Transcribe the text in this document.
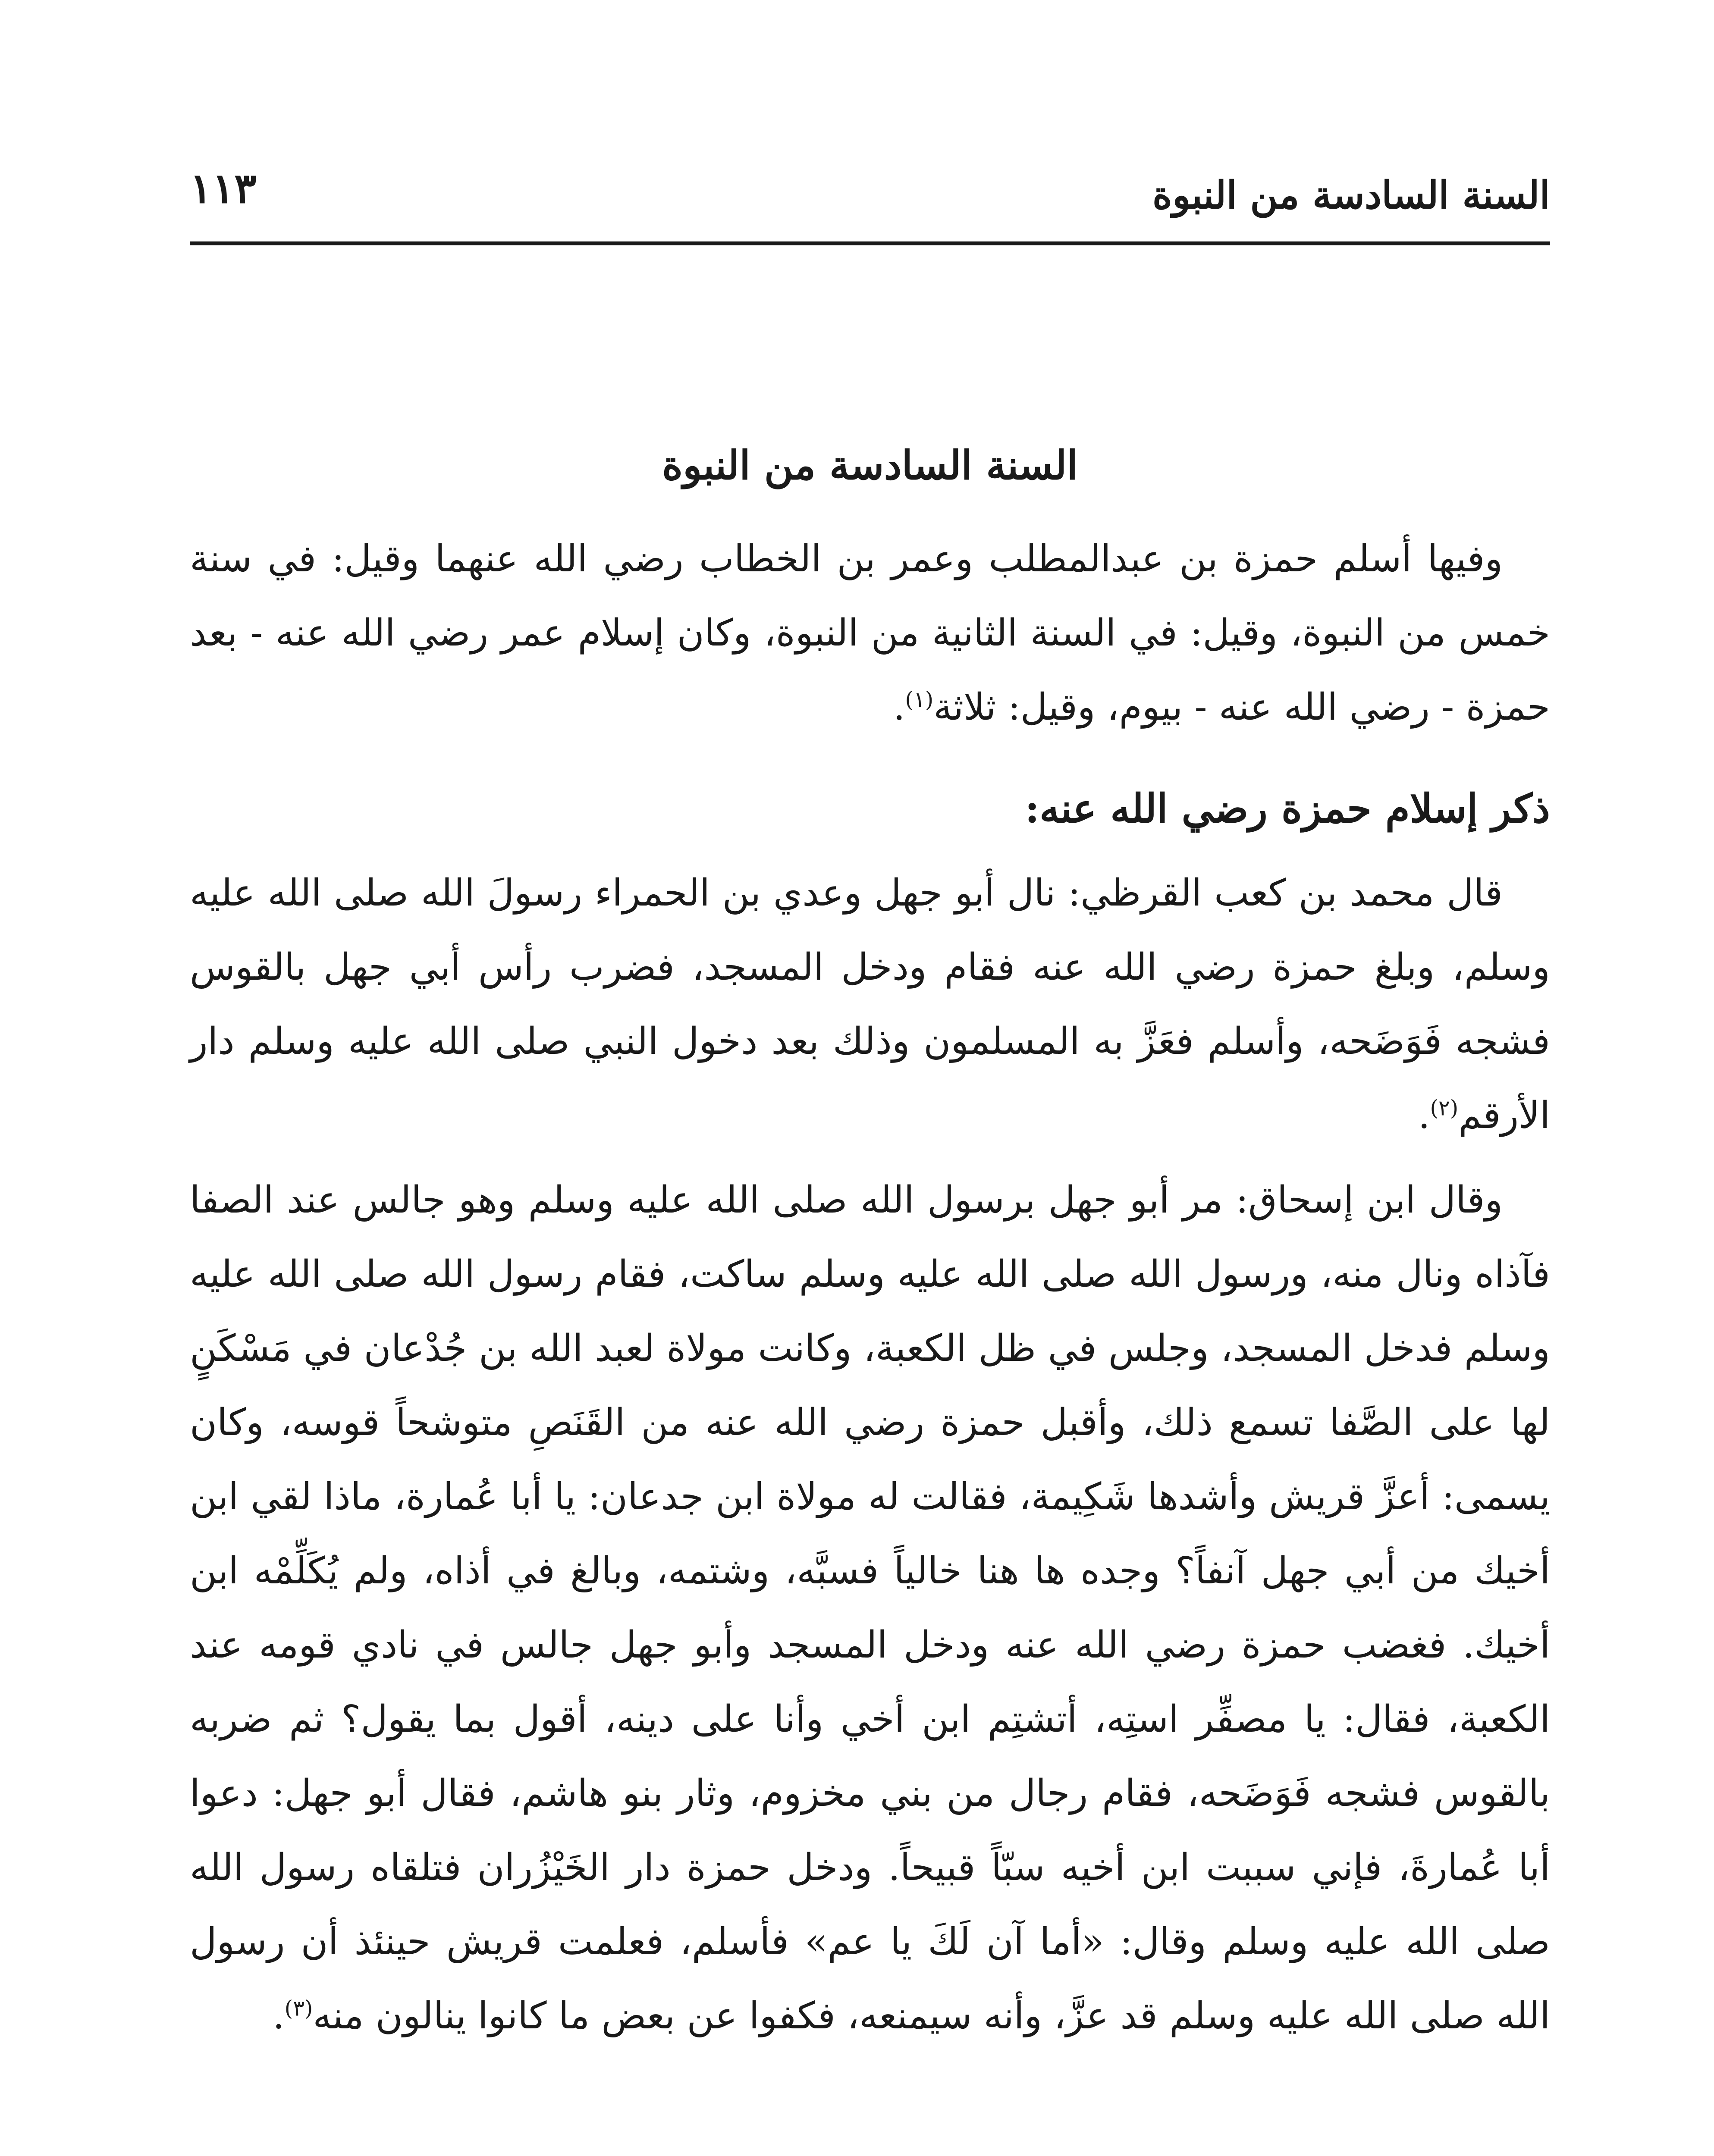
السنة السادسة من النبوة
١١٣
السنة السادسة من النبوة

وفيها أسلم حمزة بن عبدالمطلب وعمر بن الخطاب رضي الله عنهما وقيل: في سنة خمس من النبوة، وقيل: في السنة الثانية من النبوة، وكان إسلام عمر رضي الله عنه - بعد حمزة - رضي الله عنه - بيوم، وقيل: ثلاثة$^{(١)}$.

ذكر إسلام حمزة رضي الله عنه:

قال محمد بن كعب القرظي: نال أبو جهل وعدي بن الحمراء رسولَ الله صلى الله عليه وسلم، وبلغ حمزة رضي الله عنه فقام ودخل المسجد، فضرب رأس أبي جهل بالقوس فشجه فَوَضَحه، وأسلم فعَزَّ به المسلمون وذلك بعد دخول النبي صلى الله عليه وسلم دار الأرقم$^{(٢)}$.

وقال ابن إسحاق: مر أبو جهل برسول الله صلى الله عليه وسلم وهو جالس عند الصفا فآذاه ونال منه، ورسول الله صلى الله عليه وسلم ساكت، فقام رسول الله صلى الله عليه وسلم فدخل المسجد، وجلس في ظل الكعبة، وكانت مولاة لعبد الله بن جُدْعان في مَسْكَنٍ لها على الصَّفا تسمع ذلك، وأقبل حمزة رضي الله عنه من القَنَصِ متوشحاً قوسه، وكان يسمى: أعزَّ قريش وأشدها شَكِيمة، فقالت له مولاة ابن جدعان: يا أبا عُمارة، ماذا لقي ابن أخيك من أبي جهل آنفاً؟ وجده ها هنا خالياً فسبَّه، وشتمه، وبالغ في أذاه، ولم يُكَلِّمْه ابن أخيك. فغضب حمزة رضي الله عنه ودخل المسجد وأبو جهل جالس في نادي قومه عند الكعبة، فقال: يا مصفِّر استِه، أتشتِم ابن أخي وأنا على دينه، أقول بما يقول؟ ثم ضربه بالقوس فشجه فَوَضَحه، فقام رجال من بني مخزوم، وثار بنو هاشم، فقال أبو جهل: دعوا أبا عُمارةَ، فإني سببت ابن أخيه سبّاً قبيحاً. ودخل حمزة دار الخَيْزُران فتلقاه رسول الله صلى الله عليه وسلم وقال: «أما آن لَكَ يا عم» فأسلم، فعلمت قريش حينئذ أن رسول الله صلى الله عليه وسلم قد عزَّ، وأنه سيمنعه، فكفوا عن بعض ما كانوا ينالون منه$^{(٣)}$.
